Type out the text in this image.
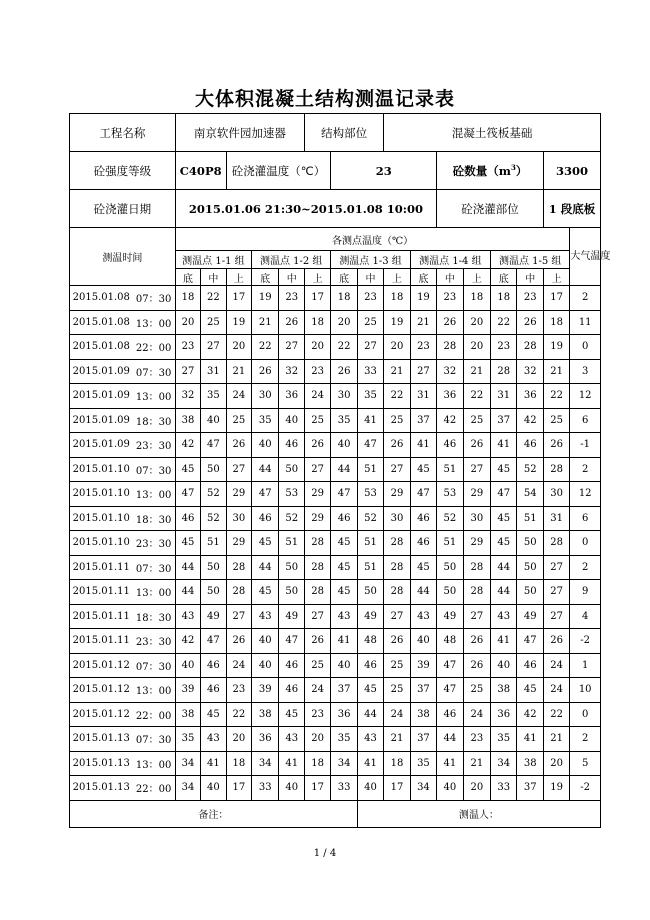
大体积混凝土结构测温记录表
工程名称		南京软件园加速器					结构部位			混凝土筏板基础							
砼强度等级		C40P8		砼浇灌温度（℃）				23				砼数量$(m^3)$				3300	
砼浇灌日期		2015.01.06 21:30~2015.01.08 10:00										砼浇灌部位				1 段底板	
测温时间		各测点温度（℃）															大气温度
		测温点 1-1 组			测温点 1-2 组			测温点 1-3 组			测温点 1-4 组			测温点 1-5 组			
		底	中	上	底	中	上	底	中	上	底	中	上	底	中	上	
2015.01.08	07：30	18	22	17	19	23	17	18	23	18	19	23	18	18	23	17	2
2015.01.08	13：00	20	25	19	21	26	18	20	25	19	21	26	20	22	26	18	11
2015.01.08	22：00	23	27	20	22	27	20	22	27	20	23	28	20	23	28	19	0
2015.01.09	07：30	27	31	21	26	32	23	26	33	21	27	32	21	28	32	21	3
2015.01.09	13：00	32	35	24	30	36	24	30	35	22	31	36	22	31	36	22	12
2015.01.09	18：30	38	40	25	35	40	25	35	41	25	37	42	25	37	42	25	6
2015.01.09	23：30	42	47	26	40	46	26	40	47	26	41	46	26	41	46	26	-1
2015.01.10	07：30	45	50	27	44	50	27	44	51	27	45	51	27	45	52	28	2
2015.01.10	13：00	47	52	29	47	53	29	47	53	29	47	53	29	47	54	30	12
2015.01.10	18：30	46	52	30	46	52	29	46	52	30	46	52	30	45	51	31	6
2015.01.10	23：30	45	51	29	45	51	28	45	51	28	46	51	29	45	50	28	0
2015.01.11	07：30	44	50	28	44	50	28	45	51	28	45	50	28	44	50	27	2
2015.01.11	13：00	44	50	28	45	50	28	45	50	28	44	50	28	44	50	27	9
2015.01.11	18：30	43	49	27	43	49	27	43	49	27	43	49	27	43	49	27	4
2015.01.11	23：30	42	47	26	40	47	26	41	48	26	40	48	26	41	47	26	-2
2015.01.12	07：30	40	46	24	40	46	25	40	46	25	39	47	26	40	46	24	1
2015.01.12	13：00	39	46	23	39	46	24	37	45	25	37	47	25	38	45	24	10
2015.01.12	22：00	38	45	22	38	45	23	36	44	24	38	46	24	36	42	22	0
2015.01.13	07：30	35	43	20	36	43	20	35	43	21	37	44	23	35	41	21	2
2015.01.13	13：00	34	41	18	34	41	18	34	41	18	35	41	21	34	38	20	5
2015.01.13	22：00	34	40	17	33	40	17	33	40	17	34	40	20	33	37	19	-2
备注：									测温人：								
1 / 4
